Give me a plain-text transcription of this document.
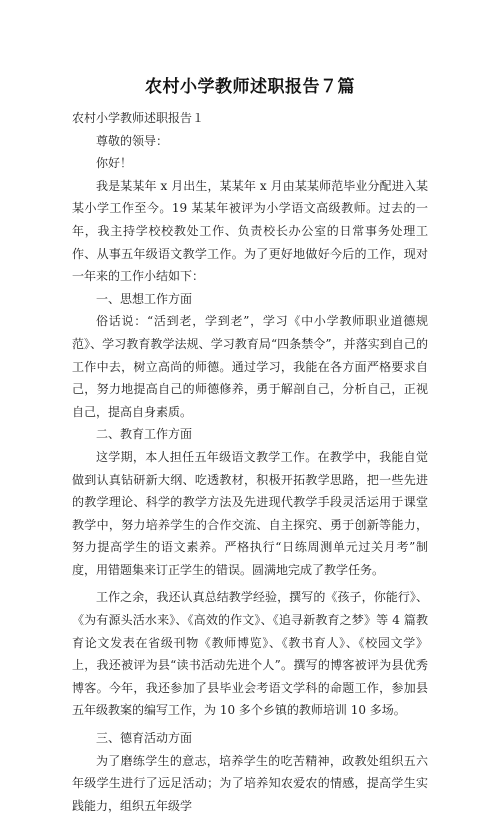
农村小学教师述职报告７篇

农村小学教师述职报告１

尊敬的领导：

你好！

我是某某年 x 月出生，某某年 x 月由某某师范毕业分配进入某某小学工作至今。19 某某年被评为小学语文高级教师。过去的一年，我主持学校校教处工作、负责校长办公室的日常事务处理工作、从事五年级语文教学工作。为了更好地做好今后的工作，现对一年来的工作小结如下：

一、思想工作方面

俗话说：“活到老，学到老”，学习《中小学教师职业道德规范》、学习教育教学法规、学习教育局“四条禁令”，并落实到自己的工作中去，树立高尚的师德。通过学习，我能在各方面严格要求自己，努力地提高自己的师德修养，勇于解剖自己，分析自己，正视自己，提高自身素质。

二、教育工作方面

这学期，本人担任五年级语文教学工作。在教学中，我能自觉做到认真钻研新大纲、吃透教材，积极开拓教学思路，把一些先进的教学理论、科学的教学方法及先进现代教学手段灵活运用于课堂教学中，努力培养学生的合作交流、自主探究、勇于创新等能力，努力提高学生的语文素养。严格执行“日练周测单元过关月考”制度，用错题集来订正学生的错误。圆满地完成了教学任务。

工作之余，我还认真总结教学经验，撰写的《孩子，你能行》、《为有源头活水来》、《高效的作文》、《追寻新教育之梦》等 4 篇教育论文发表在省级刊物《教师博览》、《教书育人》、《校园文学》上，我还被评为县“读书活动先进个人”。撰写的博客被评为县优秀博客。今年，我还参加了县毕业会考语文学科的命题工作，参加县五年级教案的编写工作，为 10 多个乡镇的教师培训 10 多场。

三、德育活动方面

为了磨练学生的意志，培养学生的吃苦精神，政教处组织五六年级学生进行了远足活动；为了培养知农爱农的情感，提高学生实践能力，组织五年级学
